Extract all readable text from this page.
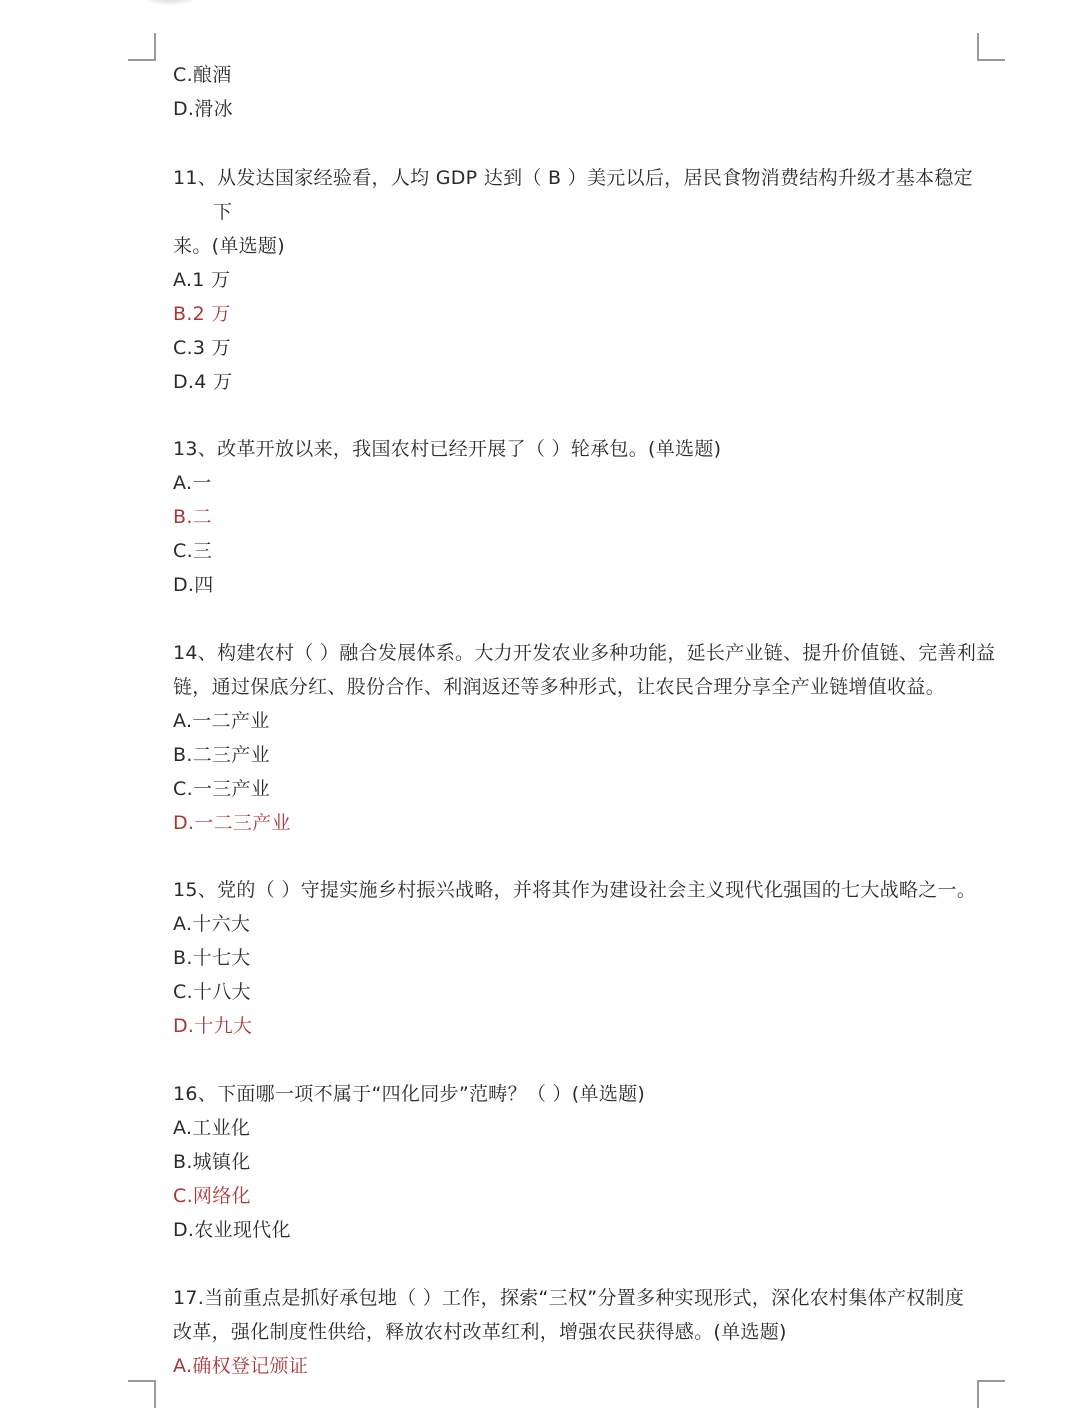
C.酿酒
D.滑冰
11、从发达国家经验看，人均 GDP 达到（ B ）美元以后，居民食物消费结构升级才基本稳定
下
来。(单选题)
A.1 万
B.2 万
C.3 万
D.4 万
13、改革开放以来，我国农村已经开展了（ ）轮承包。(单选题)
A.一
B.二
C.三
D.四
14、构建农村（ ）融合发展体系。大力开发农业多种功能，延长产业链、提升价值链、完善利益
链，通过保底分红、股份合作、利润返还等多种形式，让农民合理分享全产业链增值收益。
A.一二产业
B.二三产业
C.一三产业
D.一二三产业
15、党的（ ）守提实施乡村振兴战略，并将其作为建设社会主义现代化强国的七大战略之一。
A.十六大
B.十七大
C.十八大
D.十九大
16、下面哪一项不属于“四化同步”范畴？（ ）(单选题)
A.工业化
B.城镇化
C.网络化
D.农业现代化
17.当前重点是抓好承包地（ ）工作，探索“三权”分置多种实现形式，深化农村集体产权制度
改革，强化制度性供给，释放农村改革红利，增强农民获得感。(单选题)
A.确权登记颁证
